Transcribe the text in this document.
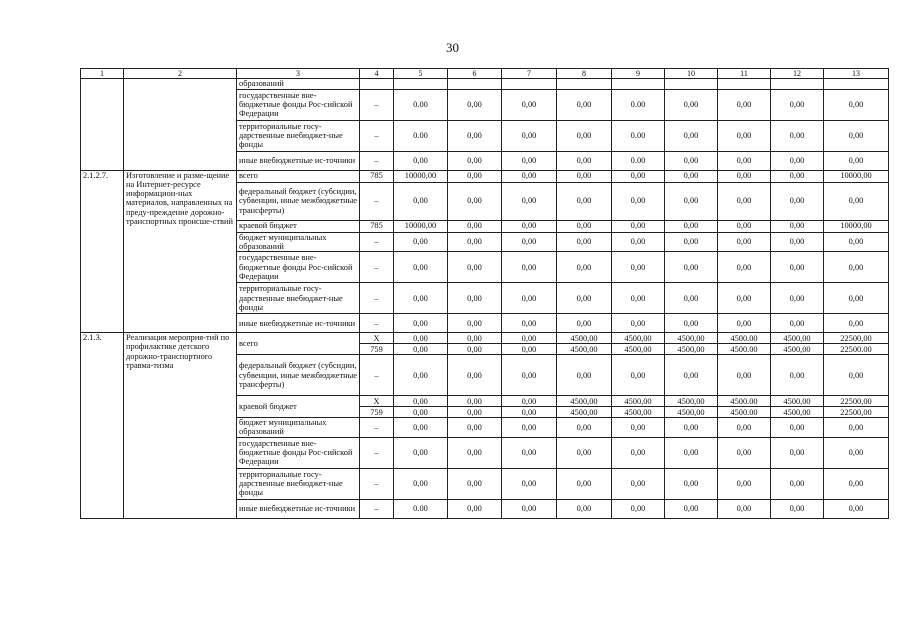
30
1	2	3	4	5	6	7	8	9	10	11	12	13
		образований										
		государственные вне-бюджетные фонды Рос-сийской Федерации	–	0.00	0,00	0,00	0,00	0.00	0,00	0,00	0,00	0,00
		территориальные госу-дарственные внебюджет-ные фонды	–	0.00	0,00	0,00	0,00	0.00	0,00	0,00	0,00	0,00
		иные внебюджетные ис-точники	–	0,00	0,00	0,00	0,00	0.00	0,00	0,00	0,00	0,00
2.1.2.7.	Изготовление и разме-щение на Интернет-ресурсе информацион-ных материалов, направленных на преду-преждение дорожно-транспортных происше-ствий	всего	785	10000,00	0,00	0,00	0,00	0,00	0,00	0,00	0,00	10000,00
		федеральный бюджет (субсидии, субвенции, иные межбюджетные трансферты)	–	0,00	0,00	0,00	0,00	0,00	0,00	0,00	0,00	0,00
		краевой бюджет	785	10000,00	0,00	0,00	0,00	0,00	0,00	0,00	0,00	10000,00
		бюджет муниципальных образований	–	0,00	0,00	0,00	0,00	0,00	0,00	0,00	0,00	0,00
		государственные вне-бюджетные фонды Рос-сийской Федерации	–	0,00	0,00	0,00	0,00	0,00	0,00	0,00	0,00	0,00
		территориальные госу-дарственные внебюджет-ные фонды	–	0,00	0,00	0,00	0,00	0,00	0,00	0,00	0,00	0,00
		иные внебюджетные ис-точники	–	0,00	0,00	0,00	0,00	0,00	0,00	0,00	0,00	0,00
2.1.3.	Реализация мероприя-тий по профилактике детского дорожно-транспортного травма-тизма	всего	X	0,00	0,00	0,00	4500,00	4500,00	4500,00	4500.00	4500,00	22500,00
			759	0,00	0,00	0,00	4500,00	4500,00	4500,00	4500.00	4500,00	22500.00
		федеральный бюджет (субсидии, субвенции, иные межбюджетные трансферты)	–	0,00	0,00	0,00	0,00	0,00	0,00	0,00	0,00	0,00
		краевой бюджет	X	0,00	0,00	0,00	4500,00	4500,00	4500,00	4500.00	4500,00	22500,00
			759	0,00	0,00	0,00	4500,00	4500,00	4500,00	4500.00	4500,00	22500,00
		бюджет муниципальных образований	–	0,00	0,00	0,00	0,00	0,00	0,00	0,00	0,00	0,00
		государственные вне-бюджетные фонды Рос-сийской Федерации	–	0,00	0,00	0,00	0,00	0,00	0,00	0,00	0,00	0,00
		территориальные госу-дарственные внебюджет-ные фонды	–	0,00	0,00	0,00	0,00	0,00	0,00	0,00	0,00	0,00
		иные внебюджетные ис-точники	–	0.00	0,00	0,00	0,00	0,00	0,00	0,00	0,00	0,00
